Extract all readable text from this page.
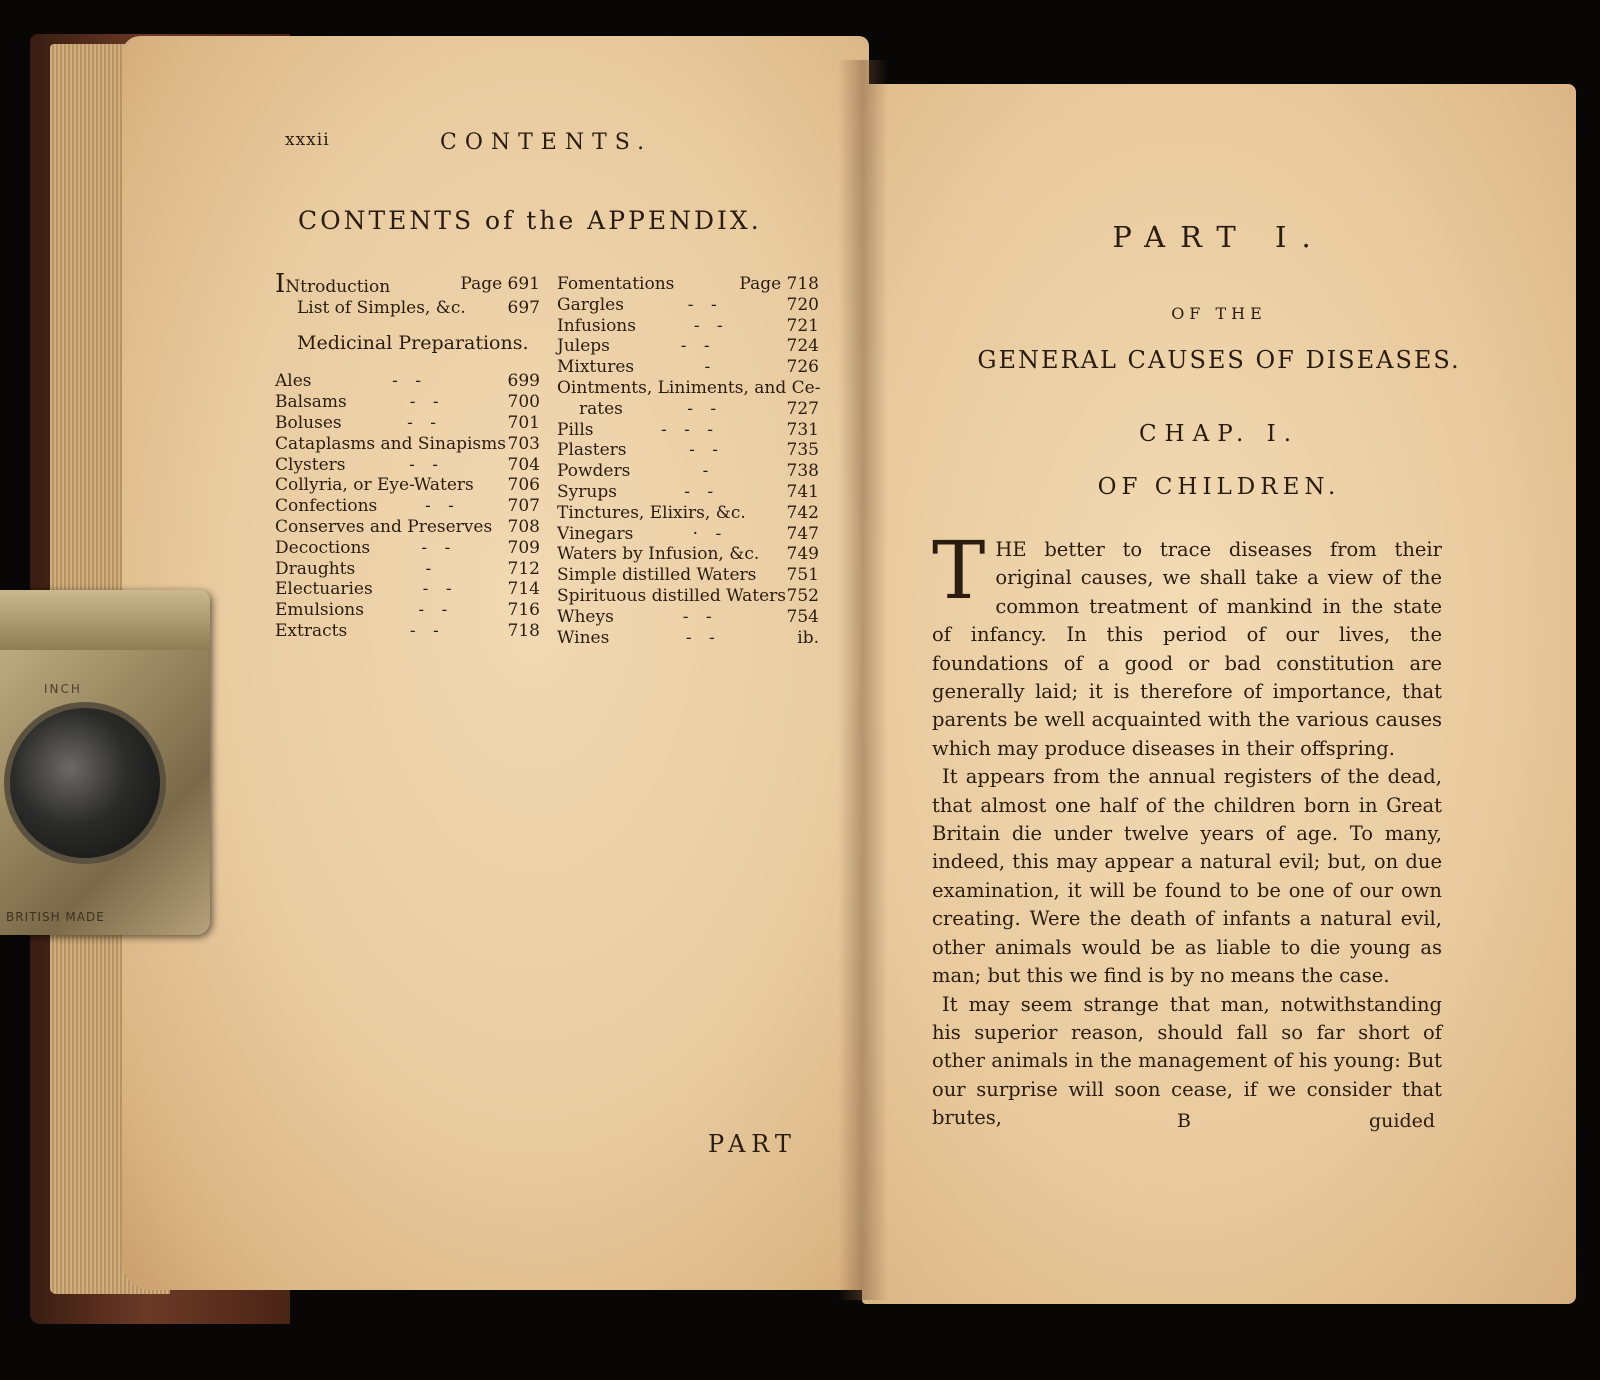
xxxii	CONTENTS.
CONTENTS of the APPENDIX.
INtroduction	Page 691
List of Simples, &c. 697
Medicinal Preparations.
Ales	- -	699
Balsams	- -	700
Boluses	- -	701
Cataplasms and Sinapisms 703
Clysters	- -	704
Collyria, or Eye-Waters 706
Confections	- -	707
Conserves and Preserves 708
Decoctions	- -	709
Draughts	-	712
Electuaries	- -	714
Emulsions	- -	716
Extracts	- -	718
Fomentations	Page 718
Gargles	- -	720
Infusions	- -	721
Juleps	- -	724
Mixtures	-	726
Ointments, Liniments, and Ce-
rates	- -	727
Pills	- - -	731
Plasters	- -	735
Powders	-	738
Syrups	- -	741
Tinctures, Elixirs, &c. 742
Vinegars	· -	747
Waters by Infusion, &c. 749
Simple distilled Waters 751
Spirituous distilled Waters 752
Wheys	- -	754
Wines	- -	ib.
PART
PART I.
OF THE
GENERAL CAUSES OF DISEASES.
CHAP. I.
OF CHILDREN.

THE better to trace diseases from their original causes, we shall take a view of the common treatment of mankind in the state of infancy. In this period of our lives, the foundations of a good or bad constitution are generally laid; it is therefore of importance, that parents be well acquainted with the various causes which may produce diseases in their offspring.

It appears from the annual registers of the dead, that almost one half of the children born in Great Britain die under twelve years of age. To many, indeed, this may appear a natural evil; but, on due examination, it will be found to be one of our own creating. Were the death of infants a natural evil, other animals would be as liable to die young as man; but this we find is by no means the case.

It may seem strange that man, notwithstanding his superior reason, should fall so far short of other animals in the management of his young: But our surprise will soon cease, if we consider that brutes,	B	guided
INCH
BRITISH MADE
